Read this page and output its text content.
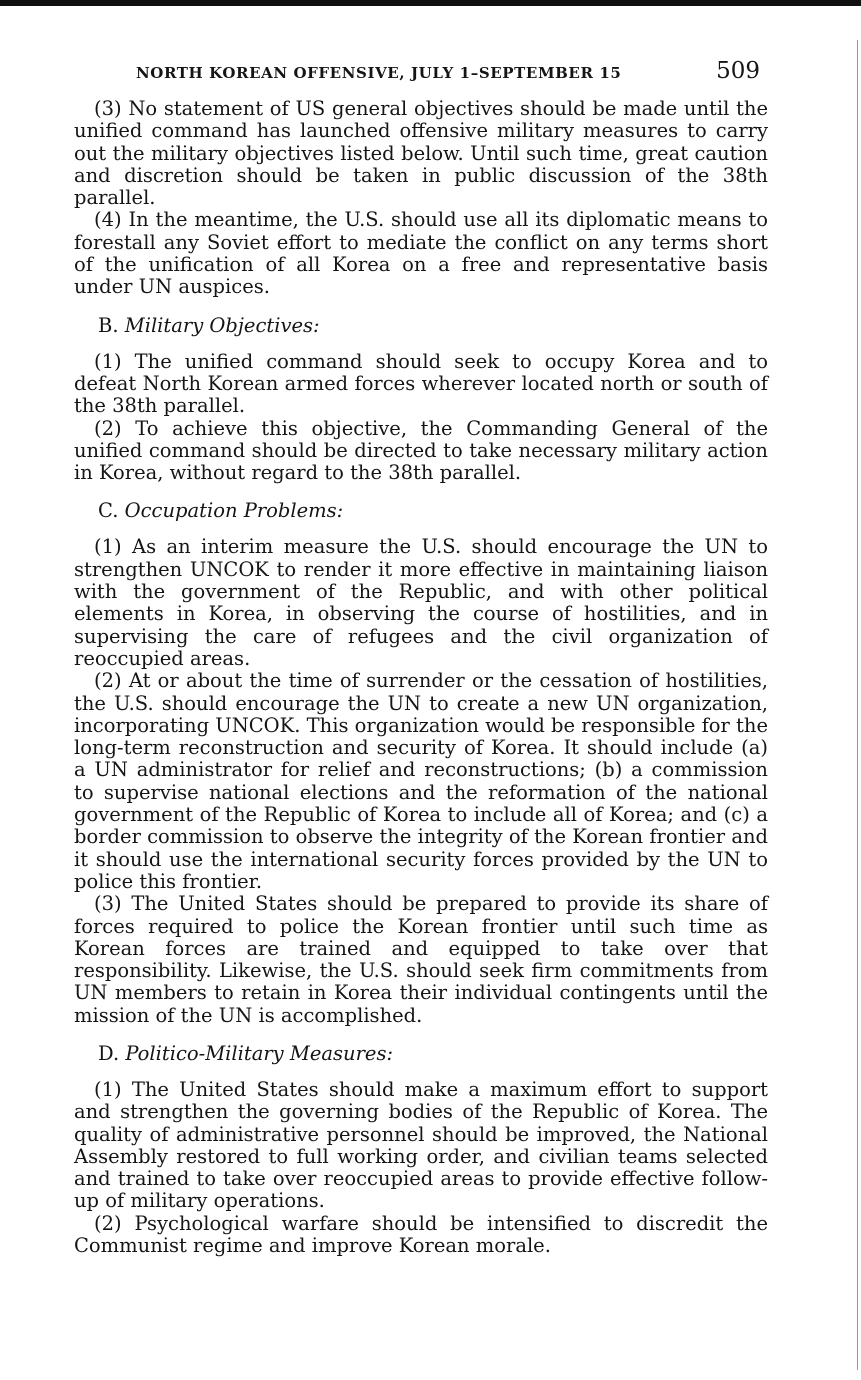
NORTH KOREAN OFFENSIVE, JULY 1–SEPTEMBER 15	509

(3) No statement of US general objectives should be made until the unified command has launched offensive military measures to carry out the military objectives listed below. Until such time, great caution and discretion should be taken in public discussion of the 38th parallel.

(4) In the meantime, the U.S. should use all its diplomatic means to forestall any Soviet effort to mediate the conflict on any terms short of the unification of all Korea on a free and representative basis under UN auspices.

B. Military Objectives:

(1) The unified command should seek to occupy Korea and to defeat North Korean armed forces wherever located north or south of the 38th parallel.

(2) To achieve this objective, the Commanding General of the unified command should be directed to take necessary military action in Korea, without regard to the 38th parallel.

C. Occupation Problems:

(1) As an interim measure the U.S. should encourage the UN to strengthen UNCOK to render it more effective in maintaining liaison with the government of the Republic, and with other political elements in Korea, in observing the course of hostilities, and in supervising the care of refugees and the civil organization of reoccupied areas.

(2) At or about the time of surrender or the cessation of hostilities, the U.S. should encourage the UN to create a new UN organization, incorporating UNCOK. This organization would be responsible for the long-term reconstruction and security of Korea. It should include (a) a UN administrator for relief and reconstructions; (b) a commission to supervise national elections and the reformation of the national government of the Republic of Korea to include all of Korea; and (c) a border commission to observe the integrity of the Korean frontier and it should use the international security forces provided by the UN to police this frontier.

(3) The United States should be prepared to provide its share of forces required to police the Korean frontier until such time as Korean forces are trained and equipped to take over that responsibility. Likewise, the U.S. should seek firm commitments from UN members to retain in Korea their individual contingents until the mission of the UN is accomplished.

D. Politico-Military Measures:

(1) The United States should make a maximum effort to support and strengthen the governing bodies of the Republic of Korea. The quality of administrative personnel should be improved, the National Assembly restored to full working order, and civilian teams selected and trained to take over reoccupied areas to provide effective follow-up of military operations.

(2) Psychological warfare should be intensified to discredit the Communist regime and improve Korean morale.
